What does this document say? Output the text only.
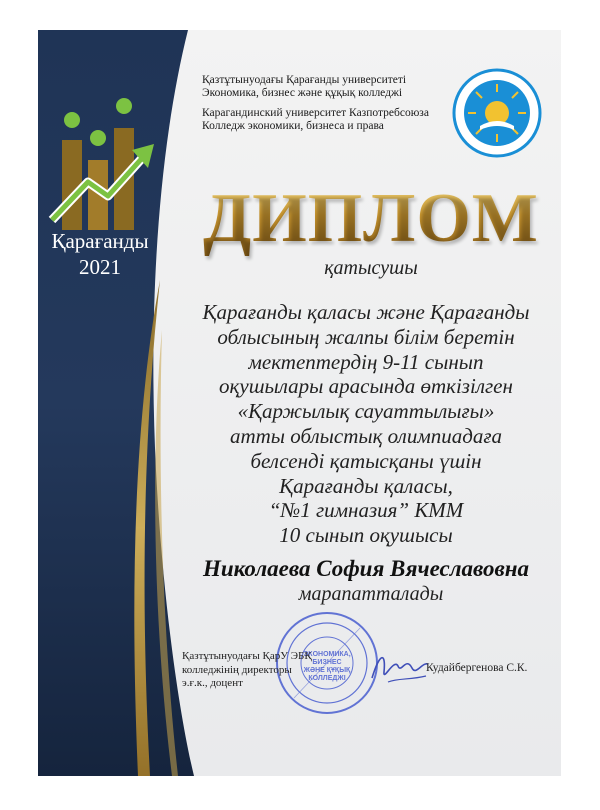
Қарағанды
2021
Қазтұтынуодағы Қарағанды университеті
Экономика, бизнес және құқық колледжі
Карагандинский университет Казпотребсоюза
Колледж экономики, бизнеса и права
ДИПЛОМ
қатысушы
Қарағанды қаласы және Қарағанды
облысының жалпы білім беретін
мектептердің 9-11 сынып
оқушылары арасында өткізілген
«Қаржылық сауаттылығы»
атты облыстық олимпиадаға
белсенді қатысқаны үшін
Қарағанды қаласы,
“№1 гимназия” КММ
10 сынып оқушысы
Николаева София Вячеславовна
марапатталады
ЭКОНОМИКА,
БИЗНЕС
ЖӘНЕ ҚҰҚЫҚ
КОЛЛЕДЖІ
Қазтұтынуодағы ҚарУ ЭБҚ
колледжінің директоры
э.ғ.к., доцент
Кудайбергенова С.К.
